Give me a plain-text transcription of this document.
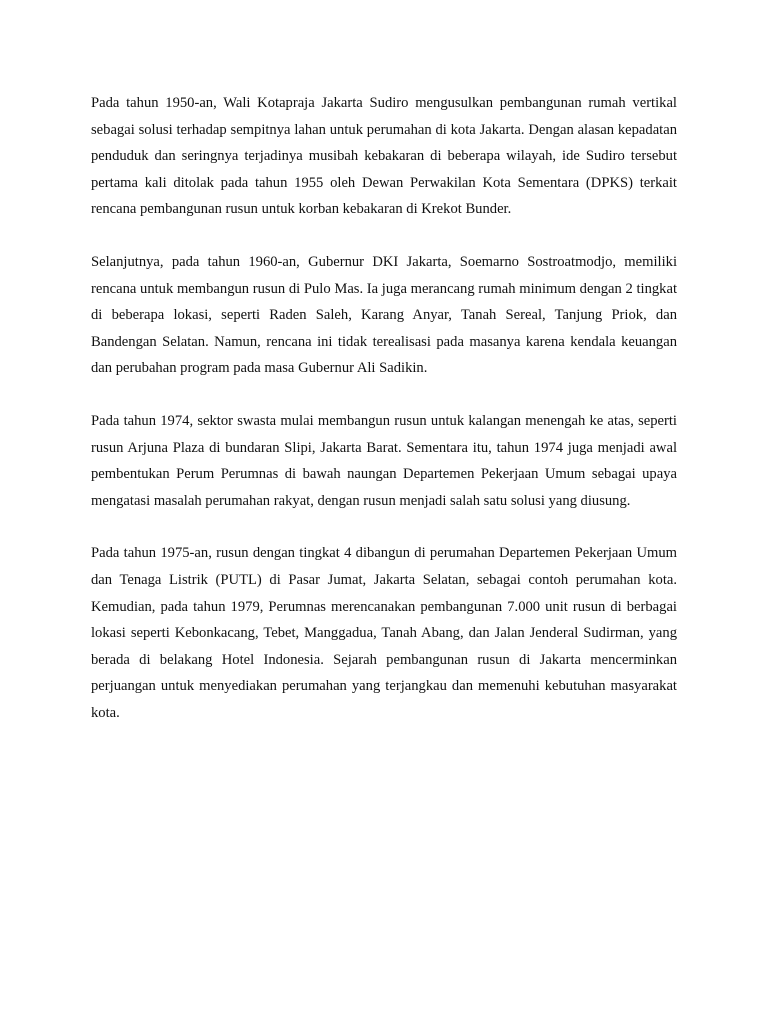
Pada tahun 1950-an, Wali Kotapraja Jakarta Sudiro mengusulkan pembangunan rumah vertikal sebagai solusi terhadap sempitnya lahan untuk perumahan di kota Jakarta. Dengan alasan kepadatan penduduk dan seringnya terjadinya musibah kebakaran di beberapa wilayah, ide Sudiro tersebut pertama kali ditolak pada tahun 1955 oleh Dewan Perwakilan Kota Sementara (DPKS) terkait rencana pembangunan rusun untuk korban kebakaran di Krekot Bunder.

Selanjutnya, pada tahun 1960-an, Gubernur DKI Jakarta, Soemarno Sostroatmodjo, memiliki rencana untuk membangun rusun di Pulo Mas. Ia juga merancang rumah minimum dengan 2 tingkat di beberapa lokasi, seperti Raden Saleh, Karang Anyar, Tanah Sereal, Tanjung Priok, dan Bandengan Selatan. Namun, rencana ini tidak terealisasi pada masanya karena kendala keuangan dan perubahan program pada masa Gubernur Ali Sadikin.

Pada tahun 1974, sektor swasta mulai membangun rusun untuk kalangan menengah ke atas, seperti rusun Arjuna Plaza di bundaran Slipi, Jakarta Barat. Sementara itu, tahun 1974 juga menjadi awal pembentukan Perum Perumnas di bawah naungan Departemen Pekerjaan Umum sebagai upaya mengatasi masalah perumahan rakyat, dengan rusun menjadi salah satu solusi yang diusung.

Pada tahun 1975-an, rusun dengan tingkat 4 dibangun di perumahan Departemen Pekerjaan Umum dan Tenaga Listrik (PUTL) di Pasar Jumat, Jakarta Selatan, sebagai contoh perumahan kota. Kemudian, pada tahun 1979, Perumnas merencanakan pembangunan 7.000 unit rusun di berbagai lokasi seperti Kebonkacang, Tebet, Manggadua, Tanah Abang, dan Jalan Jenderal Sudirman, yang berada di belakang Hotel Indonesia. Sejarah pembangunan rusun di Jakarta mencerminkan perjuangan untuk menyediakan perumahan yang terjangkau dan memenuhi kebutuhan masyarakat kota.
